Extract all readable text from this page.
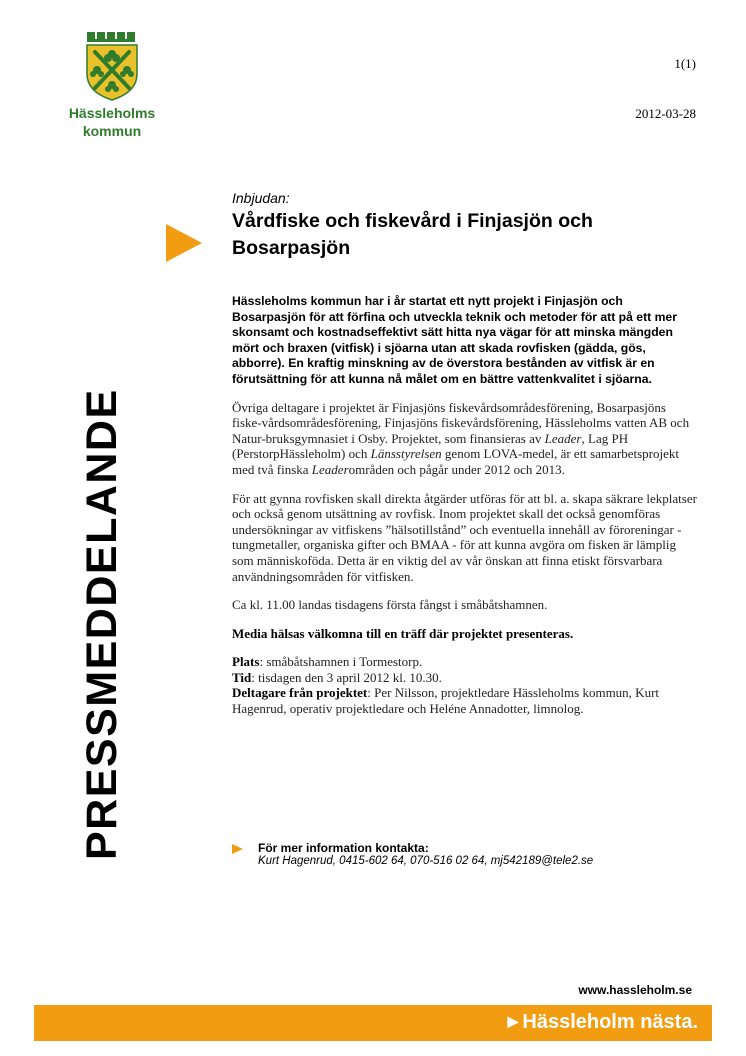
Hässleholms
kommun
1(1)
2012-03-28
PRESSMEDDELANDE

Inbjudan:

Vårdfiske och fiskevård i Finjasjön och Bosarpasjön

Hässleholms kommun har i år startat ett nytt projekt i Finjasjön och Bosarpasjön för att förfina och utveckla teknik och metoder för att på ett mer skonsamt och kostnadseffektivt sätt hitta nya vägar för att minska mängden mört och braxen (vitfisk) i sjöarna utan att skada rovfisken (gädda, gös, abborre). En kraftig minskning av de överstora bestånden av vitfisk är en förutsättning för att kunna nå målet om en bättre vattenkvalitet i sjöarna.

Övriga deltagare i projektet är Finjasjöns fiskevårdsområdesförening, Bosarpasjöns fiske-vårdsområdesförening, Finjasjöns fiskevårdsförening, Hässleholms vatten AB och Natur-bruksgymnasiet i Osby. Projektet, som finansieras av Leader, Lag PH (PerstorpHässleholm) och Länsstyrelsen genom LOVA-medel, är ett samarbetsprojekt med två finska Leaderområden och pågår under 2012 och 2013.

För att gynna rovfisken skall direkta åtgärder utföras för att bl. a. skapa säkrare lekplatser och också genom utsättning av rovfisk. Inom projektet skall det också genomföras undersökningar av vitfiskens ”hälsotillstånd” och eventuella innehåll av föroreningar - tungmetaller, organiska gifter och BMAA - för att kunna avgöra om fisken är lämplig som människoföda. Detta är en viktig del av vår önskan att finna etiskt försvarbara användningsområden för vitfisken.

Ca kl. 11.00 landas tisdagens första fångst i småbåtshamnen.

Media hälsas välkomna till en träff där projektet presenteras.

Plats: småbåtshamnen i Tormestorp.
Tid: tisdagen den 3 april 2012 kl. 10.30.
Deltagare från projektet: Per Nilsson, projektledare Hässleholms kommun, Kurt Hagenrud, operativ projektledare och Heléne Annadotter, limnolog.

För mer information kontakta:
Kurt Hagenrud, 0415-602 64, 070-516 02 64, mj542189@tele2.se
www.hassleholm.se
▶ Hässleholm nästa.
